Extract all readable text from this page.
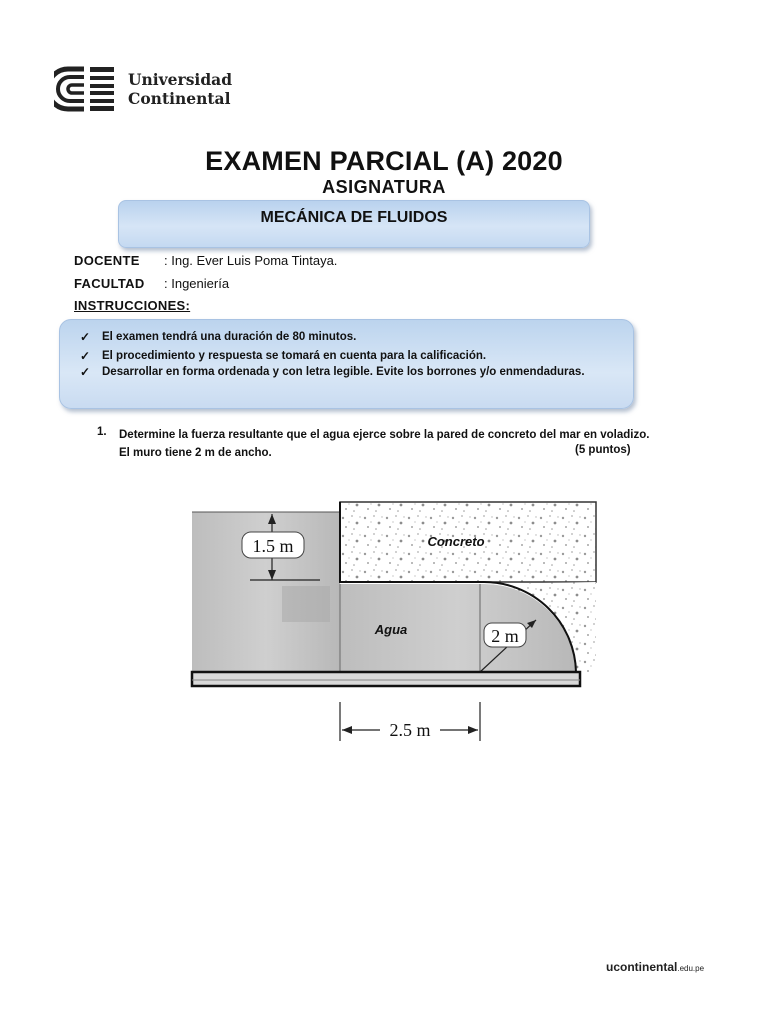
Universidad
Continental
EXAMEN PARCIAL (A) 2020
ASIGNATURA
MECÁNICA DE FLUIDOS
DOCENTE : Ing. Ever Luis Poma Tintaya.
FACULTAD : Ingeniería
INSTRUCCIONES:
✓ El examen tendrá una duración de 80 minutos.
✓ El procedimiento y respuesta se tomará en cuenta para la calificación.
✓ Desarrollar en forma ordenada y con letra legible. Evite los borrones y/o enmendaduras.
1. Determine la fuerza resultante que el agua ejerce sobre la pared de concreto del mar en voladizo.
El muro tiene 2 m de ancho.	(5 puntos)
1.5 m	Concreto
Agua	2 m
2.5 m
ucontinental.edu.pe
